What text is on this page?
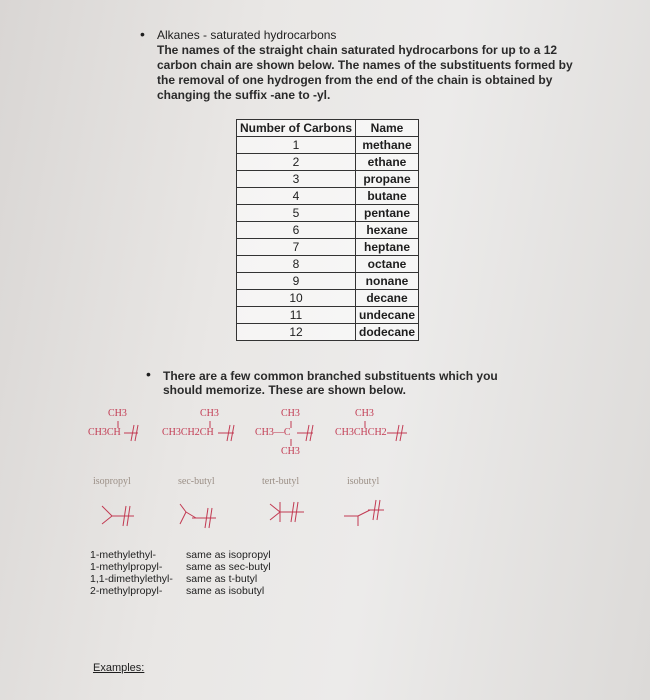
• Alkanes - saturated hydrocarbons
The names of the straight chain saturated hydrocarbons for up to a 12 carbon chain are shown below. The names of the substituents formed by the removal of one hydrogen from the end of the chain is obtained by changing the suffix -ane to -yl.
Number of Carbons	Name
1	methane
2	ethane
3	propane
4	butane
5	pentane
6	hexane
7	heptane
8	octane
9	nonane
10	decane
11	undecane
12	dodecane
• There are a few common branched substituents which you should memorize. These are shown below.
CH3
CH3CH
CH3
CH3CH2CH
CH3
CH3—C
CH3
CH3
CH3CHCH2
isopropyl	sec-butyl	tert-butyl	isobutyl
1-methylethyl-	same as isopropyl
1-methylpropyl-	same as sec-butyl
1,1-dimethylethyl-	same as t-butyl
2-methylpropyl-	same as isobutyl
Examples:
